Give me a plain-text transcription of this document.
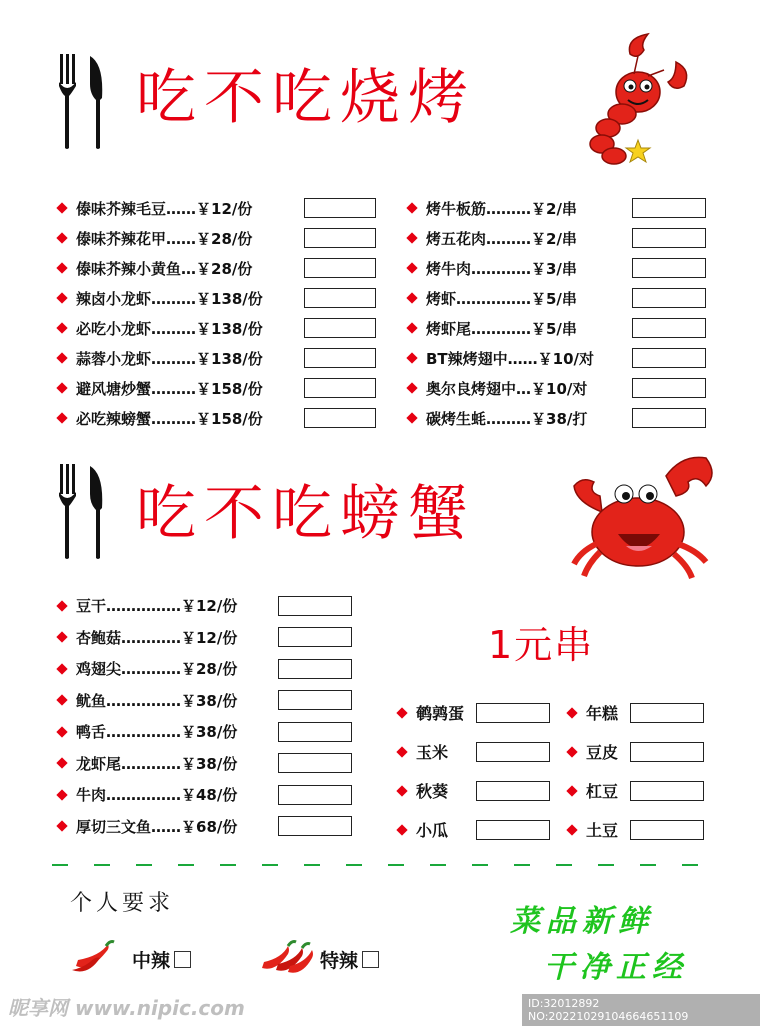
吃不吃烧烤
傣味芥辣毛豆……￥12/份
傣味芥辣花甲……￥28/份
傣味芥辣小黄鱼…￥28/份
辣卤小龙虾………￥138/份
必吃小龙虾………￥138/份
蒜蓉小龙虾………￥138/份
避风塘炒蟹………￥158/份
必吃辣螃蟹………￥158/份
烤牛板筋………￥2/串
烤五花肉………￥2/串
烤牛肉…………￥3/串
烤虾……………￥5/串
烤虾尾…………￥5/串
BT辣烤翅中……￥10/对
奥尔良烤翅中…￥10/对
碳烤生蚝………￥38/打
吃不吃螃蟹
豆干……………￥12/份
杏鲍菇…………￥12/份
鸡翅尖…………￥28/份
鱿鱼……………￥38/份
鸭舌……………￥38/份
龙虾尾…………￥38/份
牛肉……………￥48/份
厚切三文鱼……￥68/份
1元串
鹌鹑蛋
玉米
秋葵
小瓜
年糕
豆皮
杠豆
土豆
个人要求
中辣	特辣
菜品新鲜
干净正经
昵享网 www.nipic.com	ID:32012892 NO:20221029104664651109
